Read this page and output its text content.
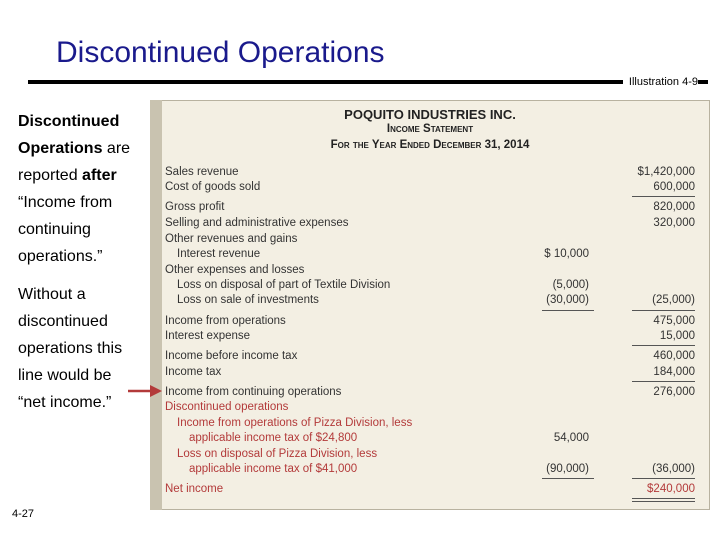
Discontinued Operations
Illustration 4-9

Discontinued

Operations are

reported after

“Income from

continuing

operations.”

Without a

discontinued

operations this

line would be

“net income.”

POQUITO INDUSTRIES INC.
Income Statement
For the Year Ended December 31, 2014
Sales revenue	$1,420,000
Cost of goods sold	600,000
Gross profit	820,000
Selling and administrative expenses	320,000
Other revenues and gains
Interest revenue	$ 10,000
Other expenses and losses
Loss on disposal of part of Textile Division	(5,000)
Loss on sale of investments	(30,000)	(25,000)
Income from operations	475,000
Interest expense	15,000
Income before income tax	460,000
Income tax	184,000
Income from continuing operations	276,000
Discontinued operations
Income from operations of Pizza Division, less
applicable income tax of $24,800	54,000
Loss on disposal of Pizza Division, less
applicable income tax of $41,000	(90,000)	(36,000)
Net income	$240,000
4-27
